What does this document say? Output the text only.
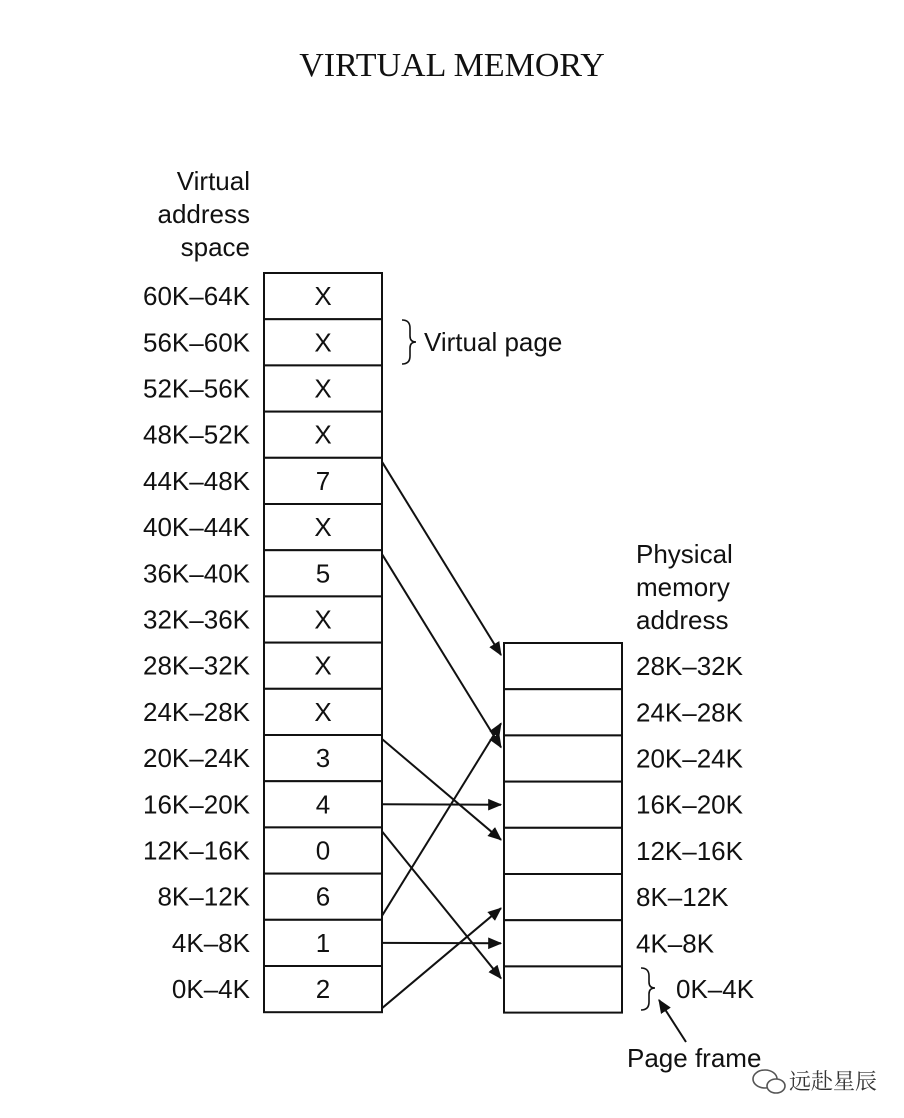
VIRTUAL MEMORY
Virtual
address
space
X
60K–64K
X
56K–60K
X
52K–56K
X
48K–52K
7
44K–48K
X
40K–44K
5
36K–40K
X
32K–36K
X
28K–32K
X
24K–28K
3
20K–24K
4
16K–20K
0
12K–16K
6
8K–12K
1
4K–8K
2
0K–4K
28K–32K
24K–28K
20K–24K
16K–20K
12K–16K
8K–12K
4K–8K
Physical
memory
address
Virtual page
0K–4K
Page frame
远赴星辰
